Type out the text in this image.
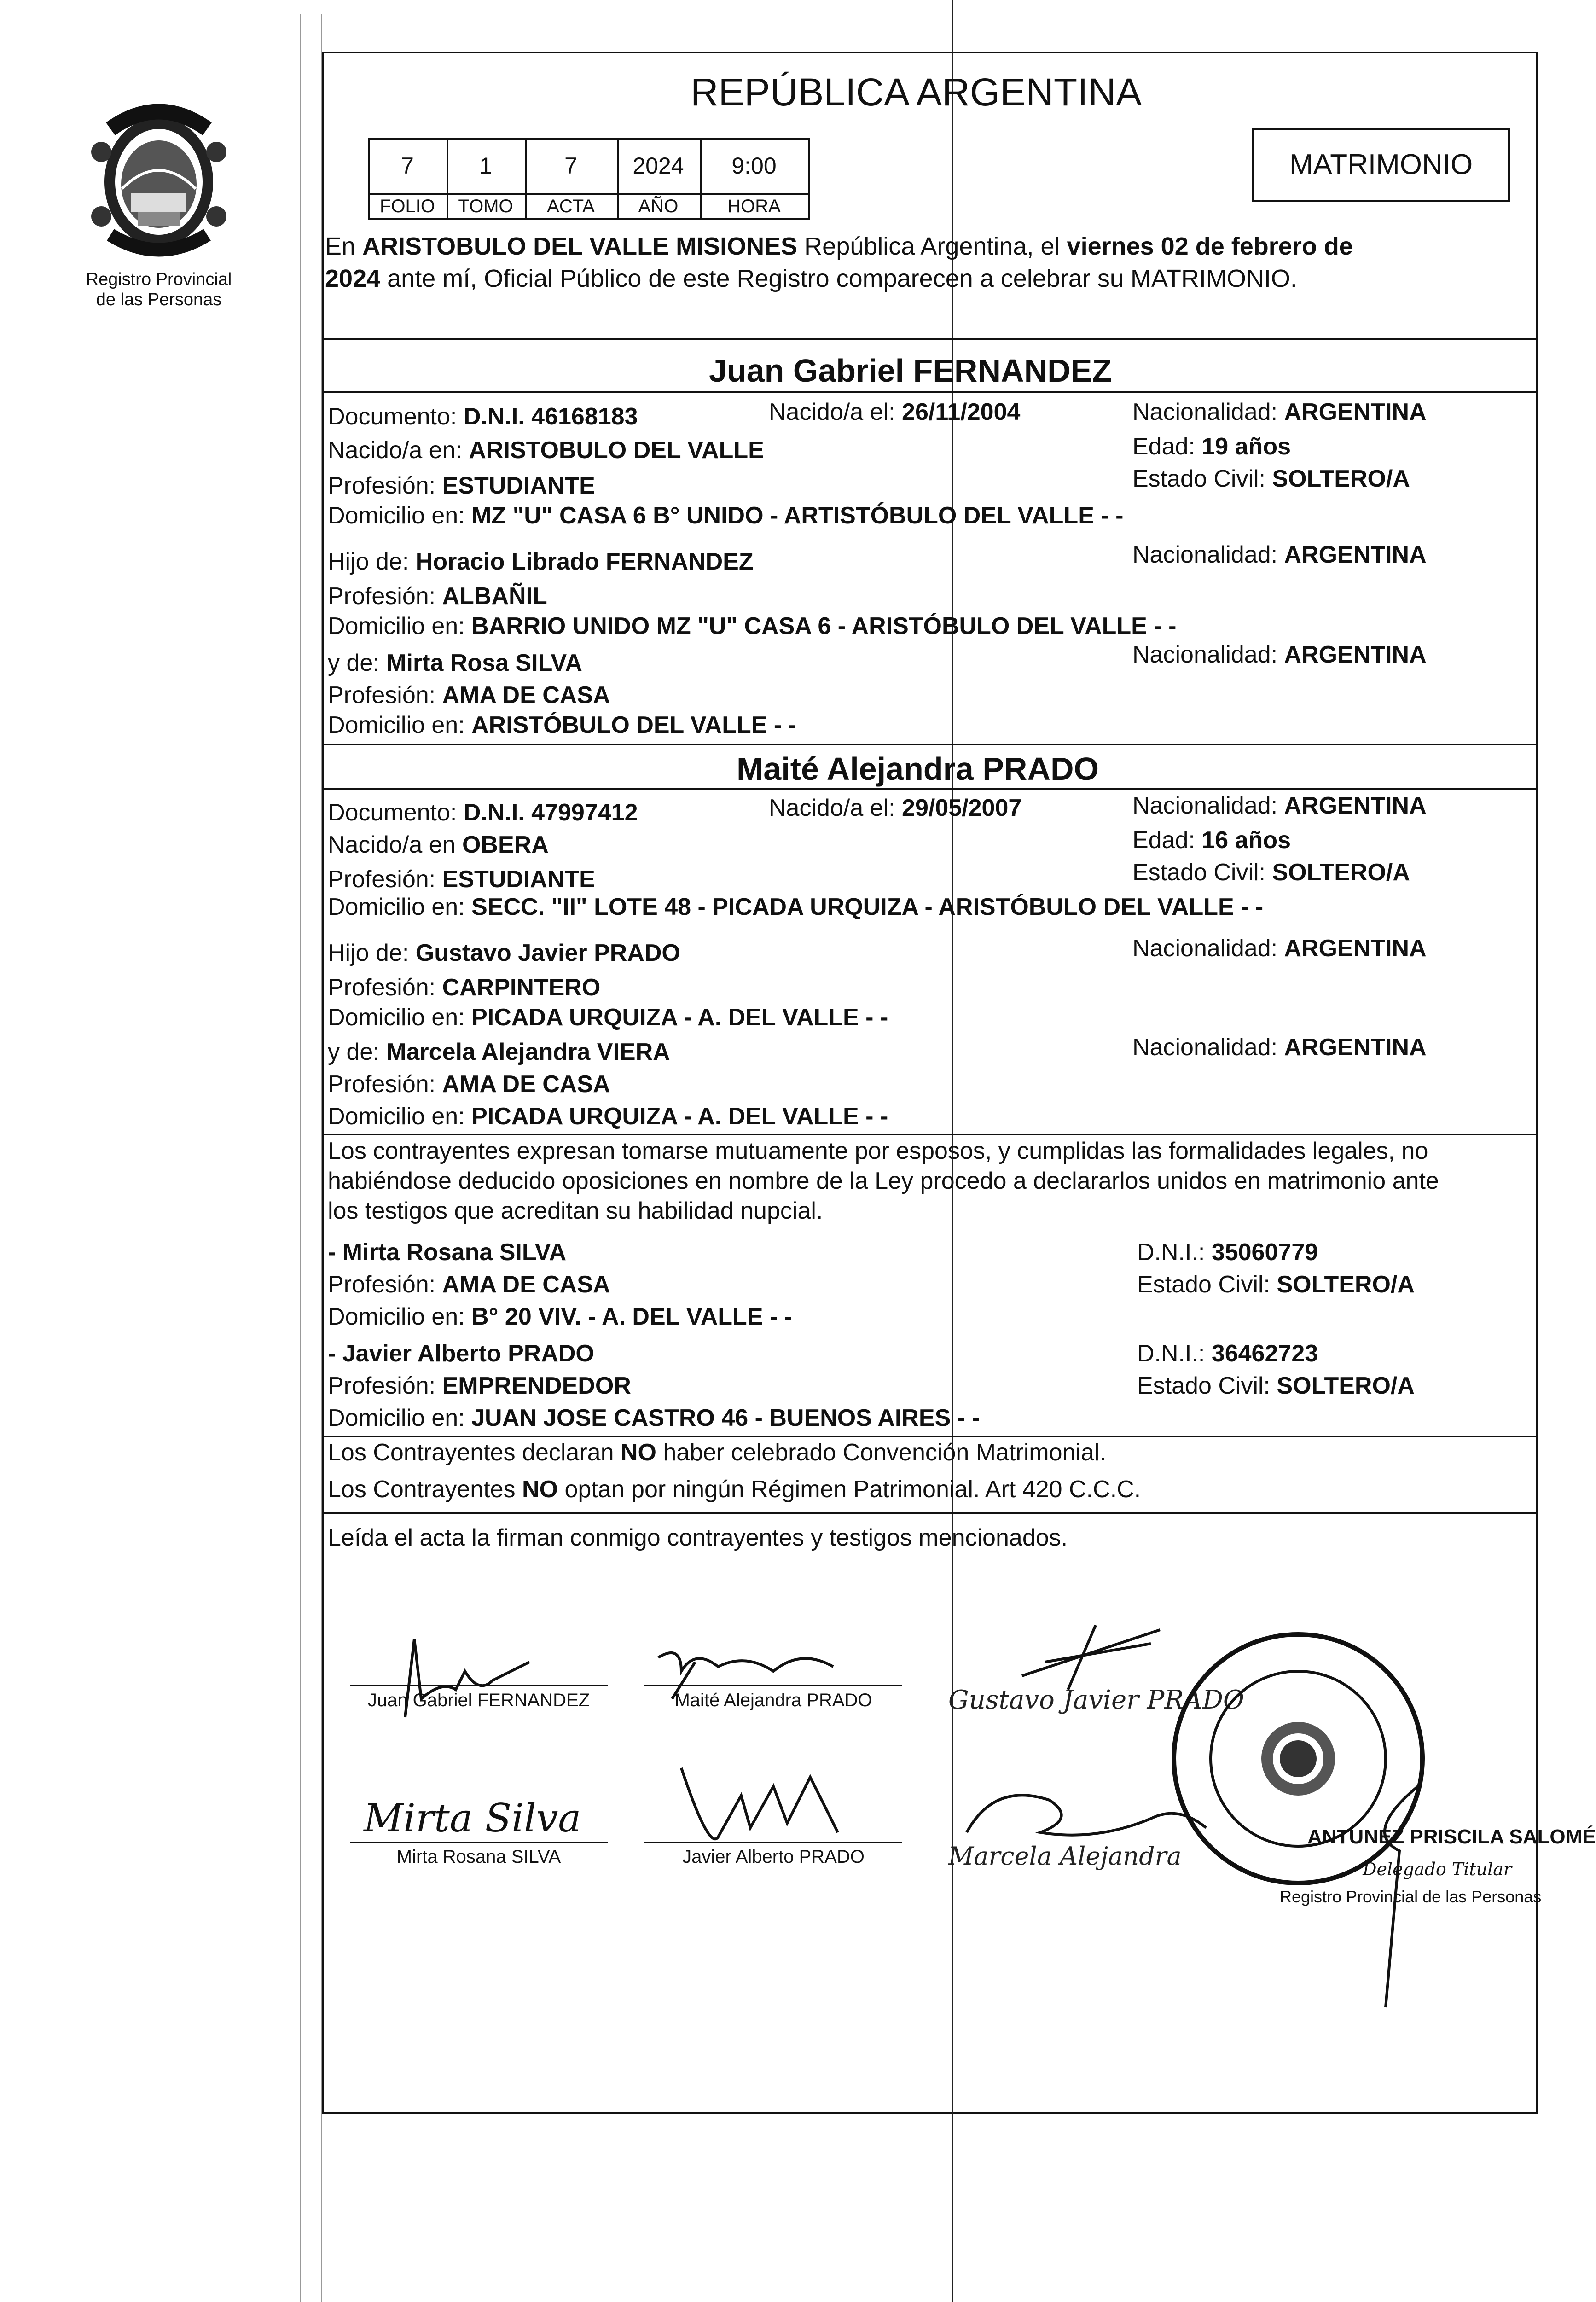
Registro Provincial
de las Personas
REPÚBLICA ARGENTINA
7	1	7	2024	9:00
FOLIO	TOMO	ACTA	AÑO	HORA
MATRIMONIO
En ARISTOBULO DEL VALLE MISIONES República Argentina, el viernes 02 de febrero de
2024 ante mí, Oficial Público de este Registro comparecen a celebrar su MATRIMONIO.
Juan Gabriel FERNANDEZ
Documento: D.N.I. 46168183	Nacido/a el: 26/11/2004	Nacionalidad: ARGENTINA
Nacido/a en: ARISTOBULO DEL VALLE	Edad: 19 años
Profesión: ESTUDIANTE	Estado Civil: SOLTERO/A
Domicilio en: MZ "U" CASA 6 B° UNIDO - ARTISTÓBULO DEL VALLE - -
Hijo de: Horacio Librado FERNANDEZ	Nacionalidad: ARGENTINA
Profesión: ALBAÑIL
Domicilio en: BARRIO UNIDO MZ "U" CASA 6 - ARISTÓBULO DEL VALLE - -
y de: Mirta Rosa SILVA	Nacionalidad: ARGENTINA
Profesión: AMA DE CASA
Domicilio en: ARISTÓBULO DEL VALLE - -
Maité Alejandra PRADO
Documento: D.N.I. 47997412	Nacido/a el: 29/05/2007	Nacionalidad: ARGENTINA
Nacido/a en OBERA	Edad: 16 años
Profesión: ESTUDIANTE	Estado Civil: SOLTERO/A
Domicilio en: SECC. "II" LOTE 48 - PICADA URQUIZA - ARISTÓBULO DEL VALLE - -
Hijo de: Gustavo Javier PRADO	Nacionalidad: ARGENTINA
Profesión: CARPINTERO
Domicilio en: PICADA URQUIZA - A. DEL VALLE - -
y de: Marcela Alejandra VIERA	Nacionalidad: ARGENTINA
Profesión: AMA DE CASA
Domicilio en: PICADA URQUIZA - A. DEL VALLE - -
Los contrayentes expresan tomarse mutuamente por esposos, y cumplidas las formalidades legales, no
habiéndose deducido oposiciones en nombre de la Ley procedo a declararlos unidos en matrimonio ante
los testigos que acreditan su habilidad nupcial.
- Mirta Rosana SILVA	D.N.I.: 35060779
Profesión: AMA DE CASA	Estado Civil: SOLTERO/A
Domicilio en: B° 20 VIV. - A. DEL VALLE - -
- Javier Alberto PRADO	D.N.I.: 36462723
Profesión: EMPRENDEDOR	Estado Civil: SOLTERO/A
Domicilio en: JUAN JOSE CASTRO 46 - BUENOS AIRES - -
Los Contrayentes declaran NO haber celebrado Convención Matrimonial.
Los Contrayentes NO optan por ningún Régimen Patrimonial. Art 420 C.C.C.
Leída el acta la firman conmigo contrayentes y testigos mencionados.
Juan Gabriel FERNANDEZ	Maité Alejandra PRADO	Gustavo Javier PRADO
Mirta Silva
Mirta Rosana SILVA	Javier Alberto PRADO	Marcela Alejandra
ANTUNEZ PRISCILA SALOMÉ
Delegado Titular
Registro Provincial de las Personas
